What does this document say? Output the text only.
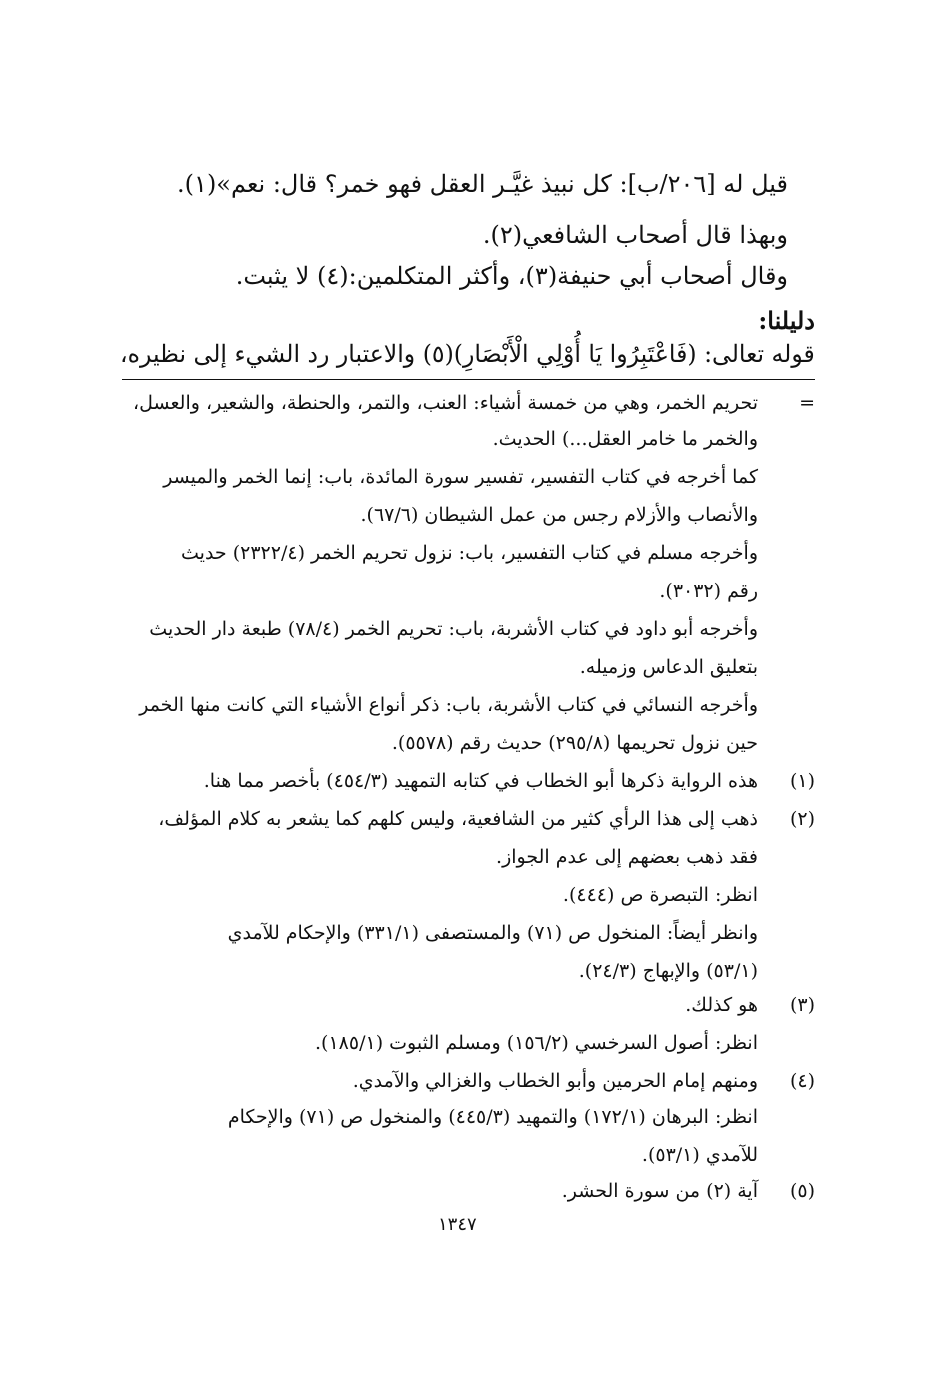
قيل له [٢٠٦/ب]: كل نبيذ غيَّـر العقل فهو خمر؟ قال: نعم»(١).
وبهذا قال أصحاب الشافعي(٢).
وقال أصحاب أبي حنيفة(٣)، وأكثر المتكلمين:(٤) لا يثبت.
دليلنا:
قوله تعالى: (فَاعْتَبِرُوا يَا أُوْلِي الْأَبْصَارِ)(٥) والاعتبار رد الشيء إلى نظيره،
=
تحريم الخمر، وهي من خمسة أشياء: العنب، والتمر، والحنطة، والشعير، والعسل،
والخمر ما خامر العقل...) الحديث.
كما أخرجه في كتاب التفسير، تفسير سورة المائدة، باب: إنما الخمر والميسر
والأنصاب والأزلام رجس من عمل الشيطان (٦٧/٦).
وأخرجه مسلم في كتاب التفسير، باب: نزول تحريم الخمر (٢٣٢٢/٤) حديث
رقم (٣٠٣٢).
وأخرجه أبو داود في كتاب الأشربة، باب: تحريم الخمر (٧٨/٤) طبعة دار الحديث
بتعليق الدعاس وزميله.
وأخرجه النسائي في كتاب الأشربة، باب: ذكر أنواع الأشياء التي كانت منها الخمر
حين نزول تحريمها (٢٩٥/٨) حديث رقم (٥٥٧٨).
(١)
هذه الرواية ذكرها أبو الخطاب في كتابه التمهيد (٤٥٤/٣) بأخصر مما هنا.
(٢)
ذهب إلى هذا الرأي كثير من الشافعية، وليس كلهم كما يشعر به كلام المؤلف،
فقد ذهب بعضهم إلى عدم الجواز.
انظر: التبصرة ص (٤٤٤).
وانظر أيضاً: المنخول ص (٧١) والمستصفى (٣٣١/١) والإحكام للآمدي
(٥٣/١) والإبهاج (٢٤/٣).
(٣)
هو كذلك.
انظر: أصول السرخسي (١٥٦/٢) ومسلم الثبوت (١٨٥/١).
(٤)
ومنهم إمام الحرمين وأبو الخطاب والغزالي والآمدي.
انظر: البرهان (١٧٢/١) والتمهيد (٤٤٥/٣) والمنخول ص (٧١) والإحكام
للآمدي (٥٣/١).
(٥)
آية (٢) من سورة الحشر.
١٣٤٧
